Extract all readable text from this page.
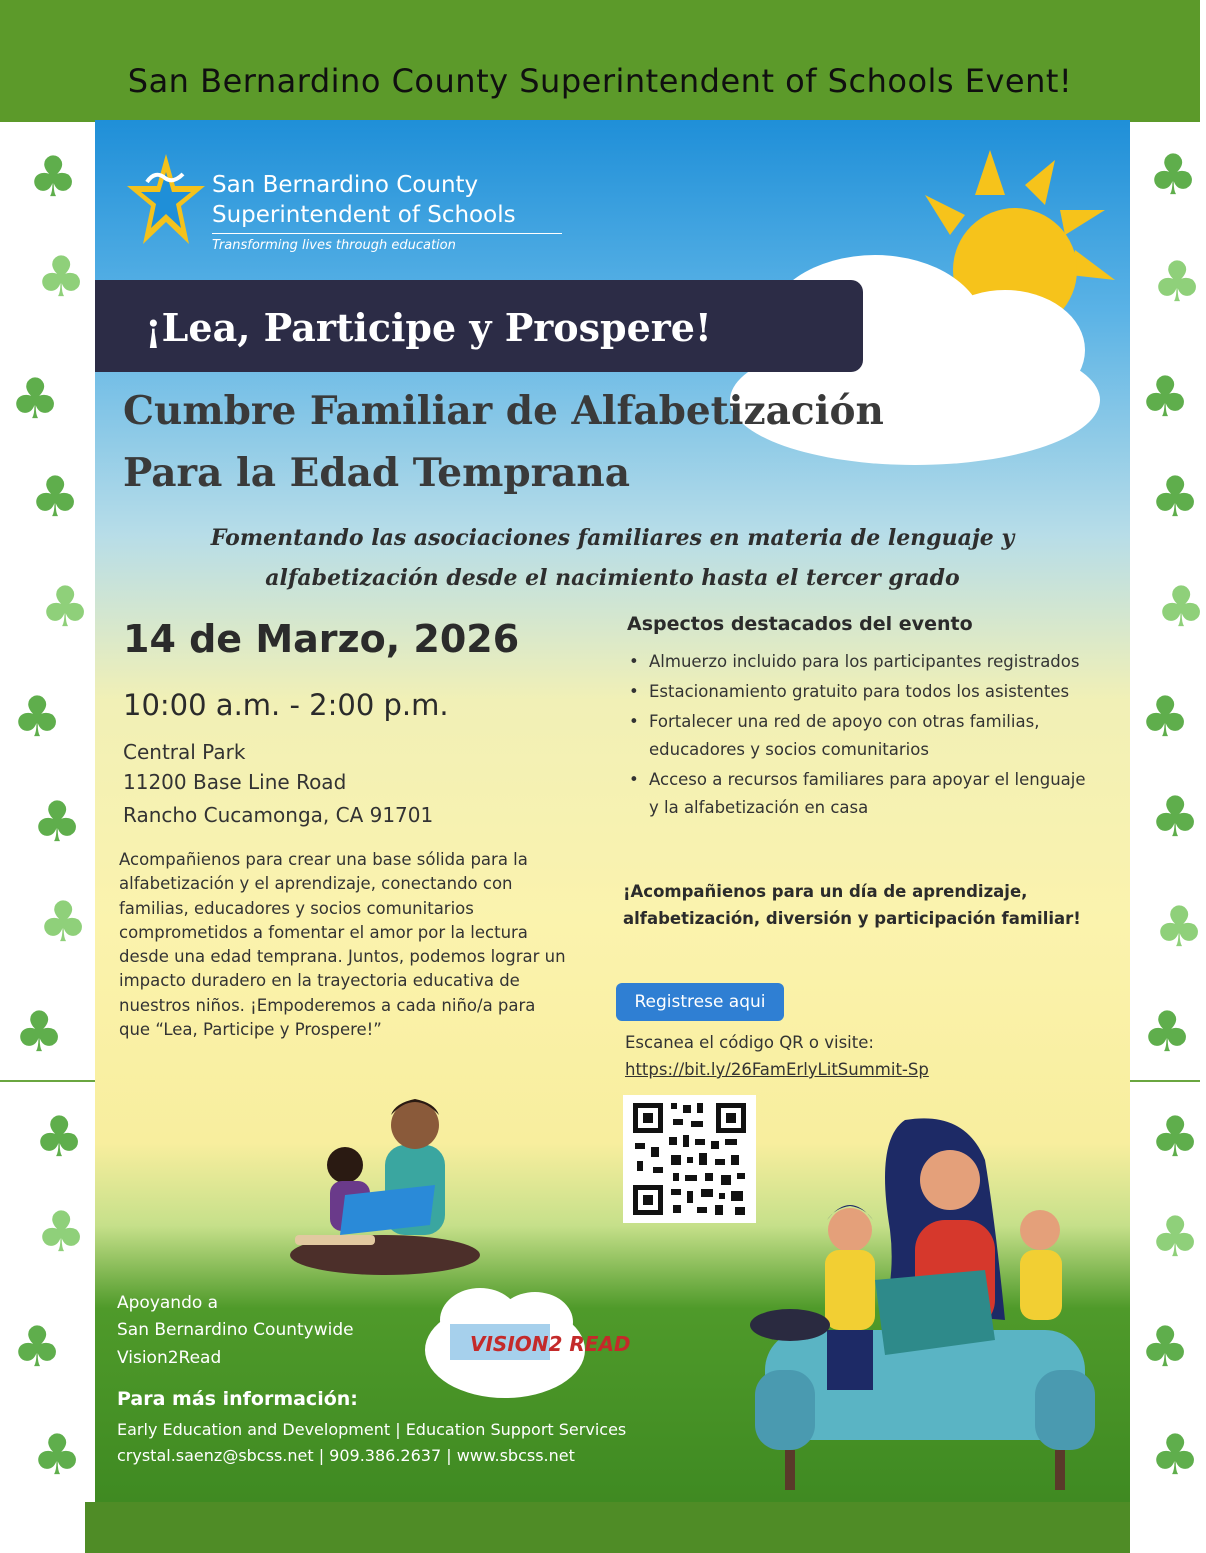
San Bernardino County Superintendent of Schools Event!
♣
♣
♣
♣
♣
♣
♣
♣
♣
♣
♣
♣
♣
♣
♣
♣
♣
♣
♣
♣
♣
♣
♣
♣
♣
♣
San Bernardino County
Superintendent of Schools
Transforming lives through education
¡Lea, Participe y Prospere!
Cumbre Familiar de Alfabetización
Para la Edad Temprana
Fomentando las asociaciones familiares en materia de lenguaje y
alfabetización desde el nacimiento hasta el tercer grado
14 de Marzo, 2026
10:00 a.m. - 2:00 p.m.
Central Park
11200 Base Line Road
Rancho Cucamonga, CA 91701
Acompañienos para crear una base sólida para la alfabetización y el aprendizaje, conectando con familias, educadores y socios comunitarios comprometidos a fomentar el amor por la lectura desde una edad temprana. Juntos, podemos lograr un impacto duradero en la trayectoria educativa de nuestros niños. ¡Empoderemos a cada niño/a para que “Lea, Participe y Prospere!”
Aspectos destacados del evento
• Almuerzo incluido para los participantes registrados
• Estacionamiento gratuito para todos los asistentes
• Fortalecer una red de apoyo con otras familias, educadores y socios comunitarios
• Acceso a recursos familiares para apoyar el lenguaje y la alfabetización en casa
¡Acompañienos para un día de aprendizaje, alfabetización, diversión y participación familiar!
Registrese aqui
Escanea el código QR o visite:
https://bit.ly/26FamErlyLitSummit-Sp
Apoyando a
San Bernardino Countywide
Vision2Read
VISION2 READ
Para más información:
Early Education and Development | Education Support Services
crystal.saenz@sbcss.net | 909.386.2637 | www.sbcss.net
